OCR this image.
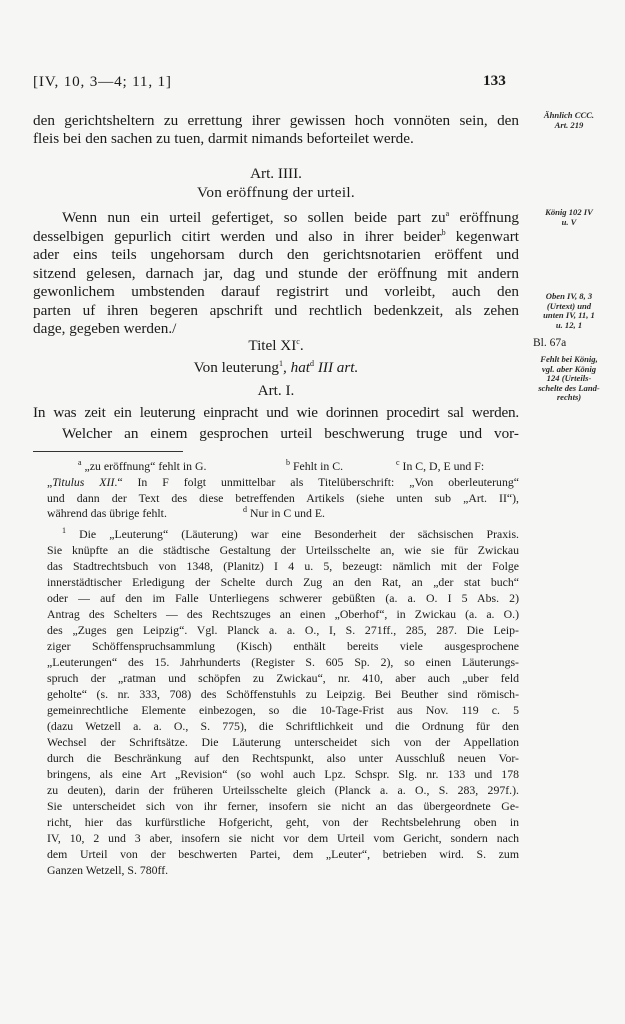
[IV, 10, 3—4; 11, 1]	133
den gerichtsheltern zu errettung ihrer gewissen hoch vonnöten sein, den
fleis bei den sachen zu tuen, darmit nimands beforteilet werde.
Art. IIII.
Von eröffnung der urteil.
Wenn nun ein urteil gefertiget, so sollen beide part $zu^a$ eröffnung
desselbigen gepurlich citirt werden und also in ihrer beider$^b$ kegenwart
ader eins teils ungehorsam durch den gerichtsnotarien eröffent und
sitzend gelesen, darnach jar, dag und stunde der eröffnung mit andern
gewonlichem umbstenden darauf registrirt und vorleibt, auch den
parten uf ihren begeren apschrift und rechtlich bedenkzeit, als zehen
dage, gegeben werden./
Titel $XI^c$.
Von leuterung$^1$, hat$^d$ III art.
Art. I.
In was zeit ein leuterung einpracht und wie dorinnen procedirt sal werden.
Welcher an einem gesprochen urteil beschwerung truge und vor-
Ähnlich CCC.
Art. 219
König 102 IV
u. V
Oben IV, 8, 3
(Urtext) und
unten IV, 11, 1
u. 12, 1
Bl. 67a
Fehlt bei König,
vgl. aber König
124 (Urteils-
schelte des Land-
rechts)
$^a$ „zu eröffnung“ fehlt in G.	$^b$ Fehlt in C.	$^c$ In C, D, E und F:
„Titulus XII.“ In F folgt unmittelbar als Titelüberschrift: „Von oberleuterung“
und dann der Text des diese betreffenden Artikels (siehe unten sub „Art. II“),
während das übrige fehlt.	$^d$ Nur in C und E.
$^1$ Die „Leuterung“ (Läuterung) war eine Besonderheit der sächsischen Praxis.
Sie knüpfte an die städtische Gestaltung der Urteilsschelte an, wie sie für Zwickau
das Stadtrechtsbuch von 1348, (Planitz) I 4 u. 5, bezeugt: nämlich mit der Folge
innerstädtischer Erledigung der Schelte durch Zug an den Rat, an „der stat buch“
oder — auf den im Falle Unterliegens schwerer gebüßten (a. a. O. I 5 Abs. 2)
Antrag des Schelters — des Rechtszuges an einen „Oberhof“, in Zwickau (a. a. O.)
des „Zuges gen Leipzig“. Vgl. Planck a. a. O., I, S. 271ff., 285, 287. Die Leip-
ziger Schöffenspruchsammlung (Kisch) enthält bereits viele ausgesprochene
„Leuterungen“ des 15. Jahrhunderts (Register S. 605 Sp. 2), so einen Läuterungs-
spruch der „ratman und schöpfen zu Zwickau“, nr. 410, aber auch „uber feld
geholte“ (s. nr. 333, 708) des Schöffenstuhls zu Leipzig. Bei Beuther sind römisch-
gemeinrechtliche Elemente einbezogen, so die 10-Tage-Frist aus Nov. 119 c. 5
(dazu Wetzell a. a. O., S. 775), die Schriftlichkeit und die Ordnung für den
Wechsel der Schriftsätze. Die Läuterung unterscheidet sich von der Appellation
durch die Beschränkung auf den Rechtspunkt, also unter Ausschluß neuen Vor-
bringens, als eine Art „Revision“ (so wohl auch Lpz. Schspr. Slg. nr. 133 und 178
zu deuten), darin der früheren Urteilsschelte gleich (Planck a. a. O., S. 283, 297f.).
Sie unterscheidet sich von ihr ferner, insofern sie nicht an das übergeordnete Ge-
richt, hier das kurfürstliche Hofgericht, geht, von der Rechtsbelehrung oben in
IV, 10, 2 und 3 aber, insofern sie nicht vor dem Urteil vom Gericht, sondern nach
dem Urteil von der beschwerten Partei, dem „Leuter“, betrieben wird. S. zum
Ganzen Wetzell, S. 780ff.
